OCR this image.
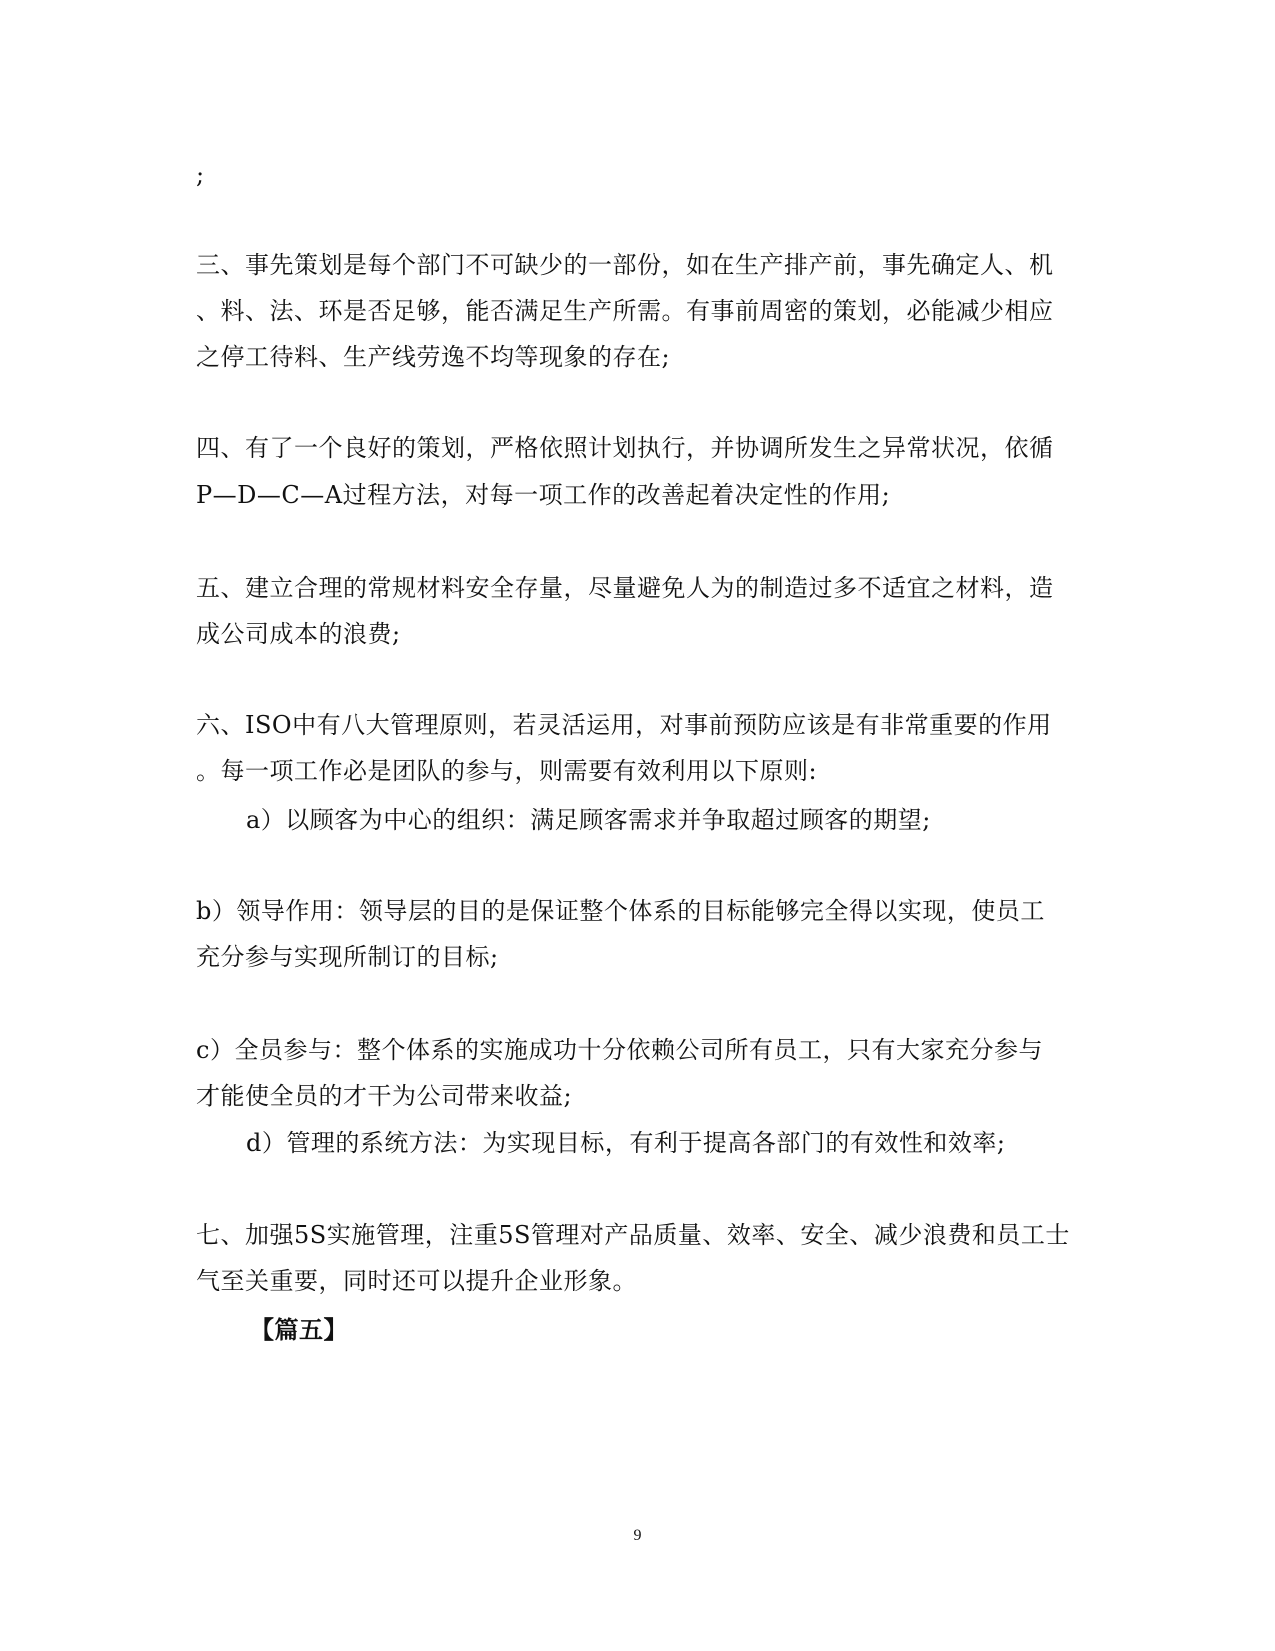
;
三、事先策划是每个部门不可缺少的一部份，如在生产排产前，事先确定人、机
、料、法、环是否足够，能否满足生产所需。有事前周密的策划，必能减少相应
之停工待料、生产线劳逸不均等现象的存在;
四、有了一个良好的策划，严格依照计划执行，并协调所发生之异常状况，依循
P—D—C—A过程方法，对每一项工作的改善起着决定性的作用;
五、建立合理的常规材料安全存量，尽量避免人为的制造过多不适宜之材料，造
成公司成本的浪费;
六、ISO中有八大管理原则，若灵活运用，对事前预防应该是有非常重要的作用
。每一项工作必是团队的参与，则需要有效利用以下原则:
a）以顾客为中心的组织：满足顾客需求并争取超过顾客的期望;
b）领导作用：领导层的目的是保证整个体系的目标能够完全得以实现，使员工
充分参与实现所制订的目标;
c）全员参与：整个体系的实施成功十分依赖公司所有员工，只有大家充分参与
才能使全员的才干为公司带来收益;
d）管理的系统方法：为实现目标，有利于提高各部门的有效性和效率;
七、加强5S实施管理，注重5S管理对产品质量、效率、安全、减少浪费和员工士
气至关重要，同时还可以提升企业形象。
【篇五】
9
